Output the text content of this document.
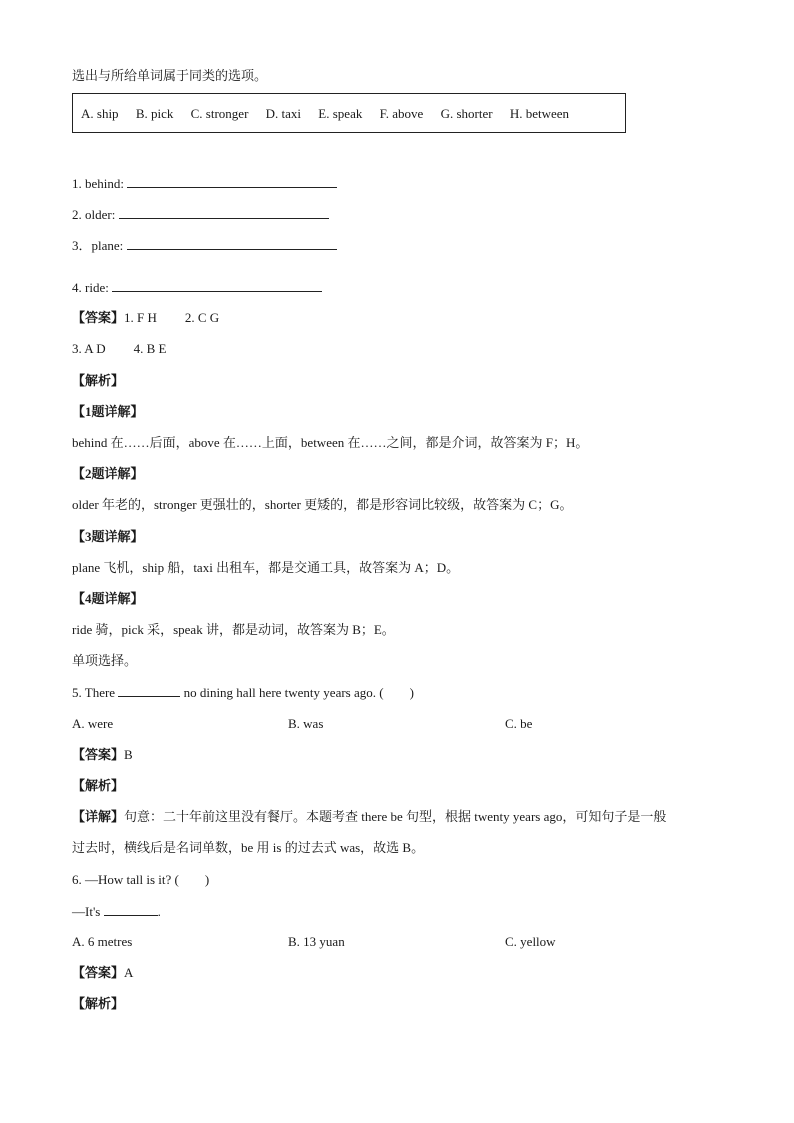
选出与所给单词属于同类的选项。
A. ship B. pick C. stronger D. taxi E. speak F. above G. shorter H. between
1. behind:
2. older:
3．plane:
4. ride:
【答案】1. F H 2. C G
3. A D 4. B E
【解析】
【1题详解】
behind 在……后面，above 在……上面，between 在……之间，都是介词，故答案为 F；H。
【2题详解】
older 年老的，stronger 更强壮的，shorter 更矮的，都是形容词比较级，故答案为 C；G。
【3题详解】
plane 飞机，ship 船，taxi 出租车，都是交通工具，故答案为 A；D。
【4题详解】
ride 骑，pick 采，speak 讲，都是动词，故答案为 B；E。
单项选择。
5. There	no dining hall here twenty years ago. (　　)
A. were	B. was	C. be
【答案】B
【解析】
【详解】句意：二十年前这里没有餐厅。本题考查 there be 句型，根据 twenty years ago，可知句子是一般
过去时，横线后是名词单数，be 用 is 的过去式 was，故选 B。
6. —How tall is it? (　　)
—It's	.
A. 6 metres	B. 13 yuan	C. yellow
【答案】A
【解析】
